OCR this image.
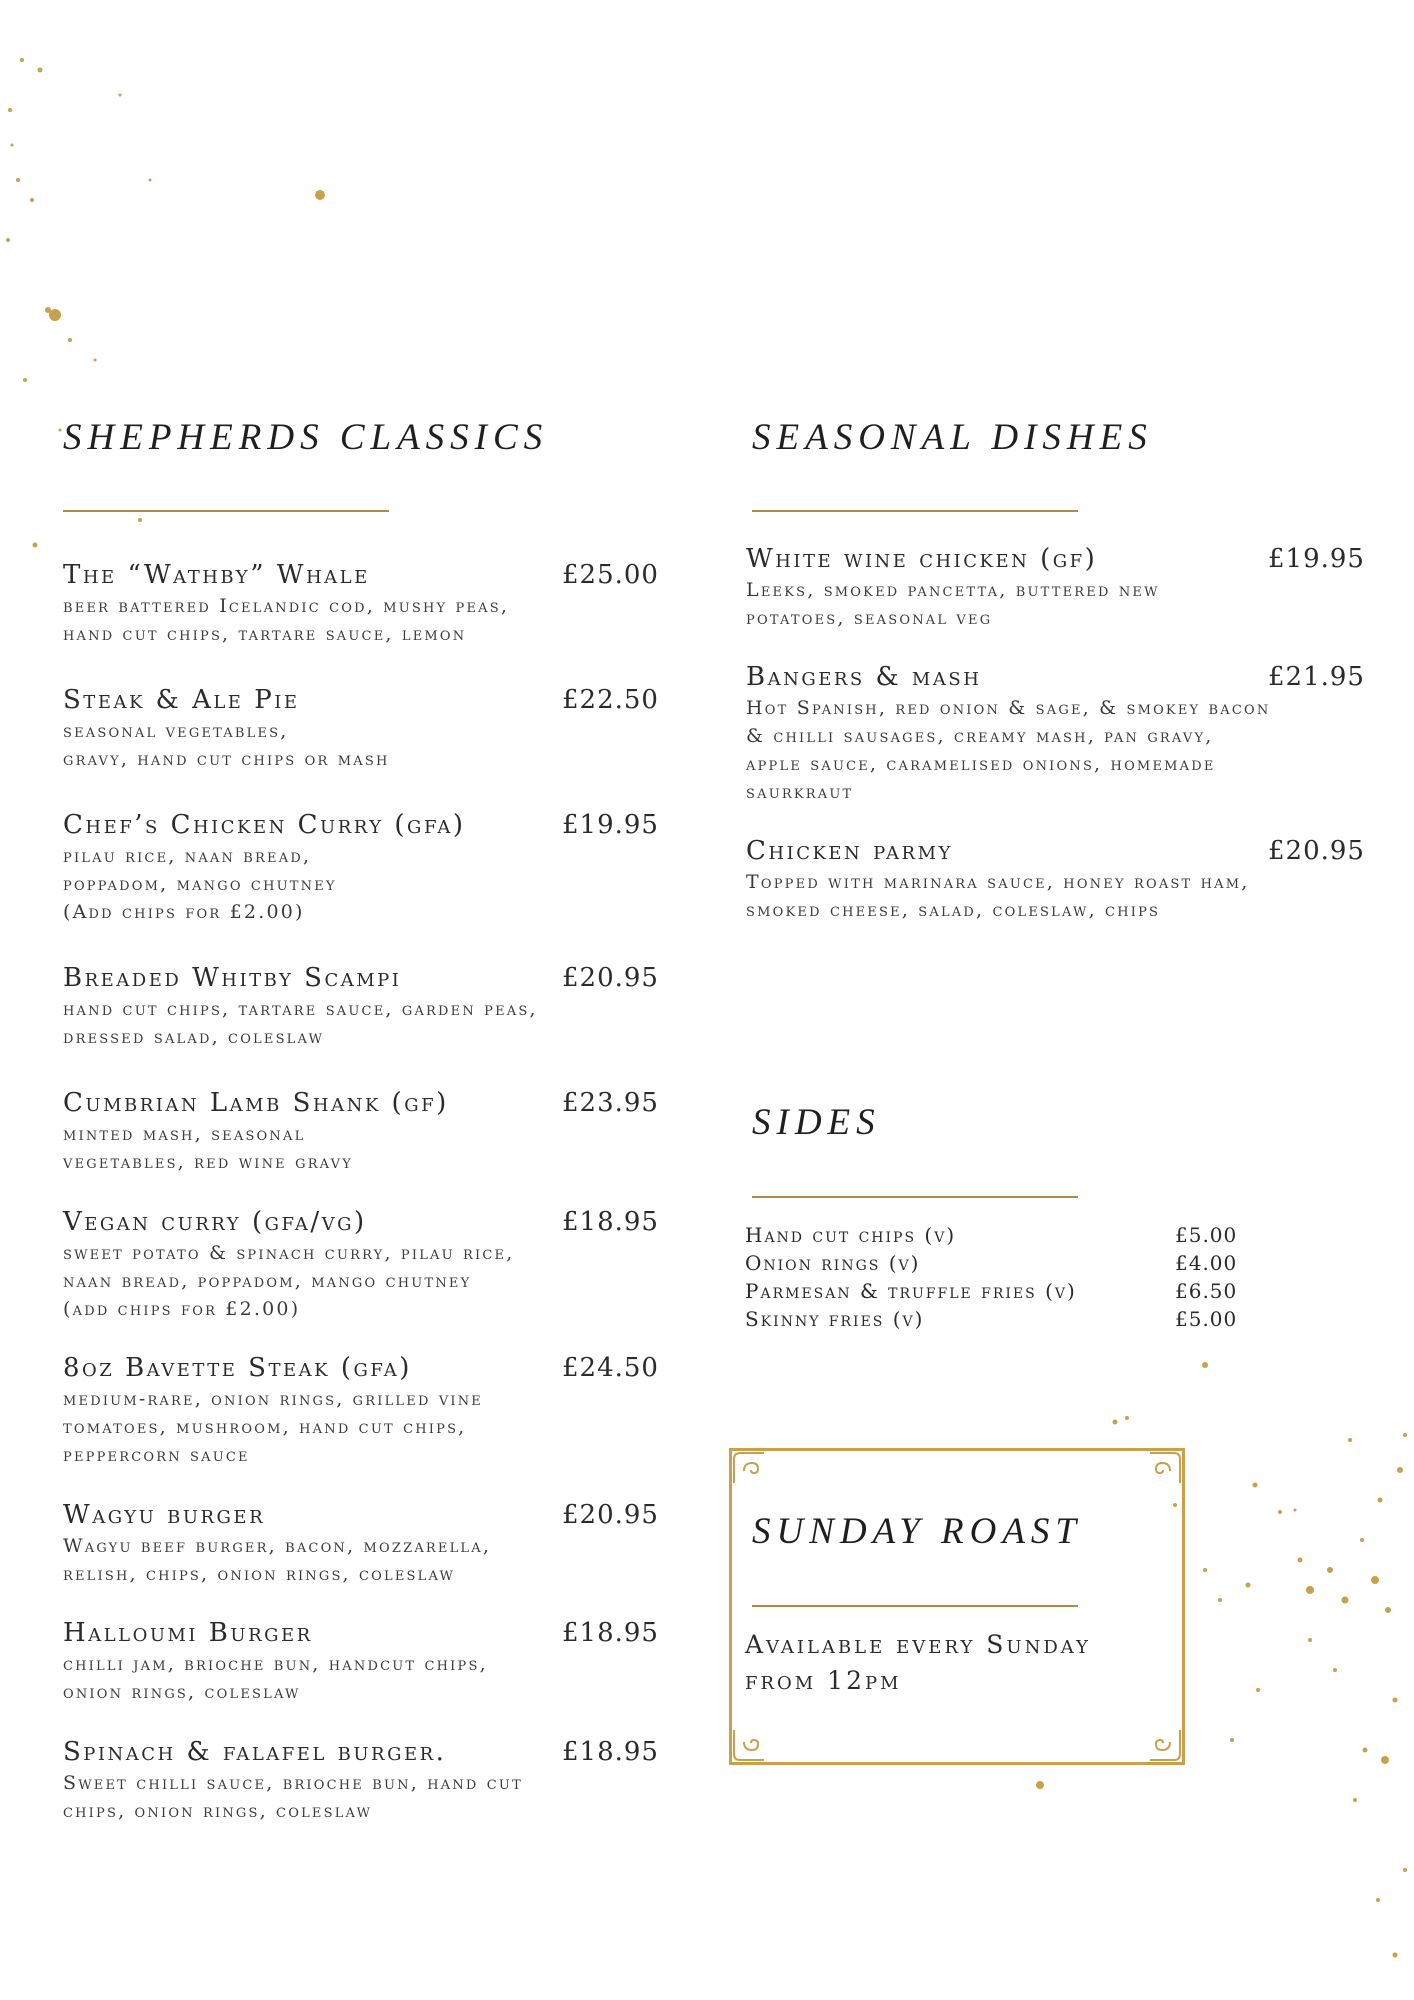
SHEPHERDS CLASSICS
The “Wathby” Whale	£25.00
beer battered Icelandic cod, mushy peas,
hand cut chips, tartare sauce, lemon
Steak & Ale Pie	£22.50
seasonal vegetables,
gravy, hand cut chips or mash
Chef’s Chicken Curry (gfa)	£19.95
pilau rice, naan bread,
poppadom, mango chutney
(Add chips for £2.00)
Breaded Whitby Scampi	£20.95
hand cut chips, tartare sauce, garden peas,
dressed salad, coleslaw
Cumbrian Lamb Shank (gf)	£23.95
minted mash, seasonal
vegetables, red wine gravy
Vegan curry (gfa/vg)	£18.95
sweet potato & spinach curry, pilau rice,
naan bread, poppadom, mango chutney
(add chips for £2.00)
8oz Bavette Steak (gfa)	£24.50
medium-rare, onion rings, grilled vine
tomatoes, mushroom, hand cut chips,
peppercorn sauce
Wagyu burger	£20.95
Wagyu beef burger, bacon, mozzarella,
relish, chips, onion rings, coleslaw
Halloumi Burger	£18.95
chilli jam, brioche bun, handcut chips,
onion rings, coleslaw
Spinach & falafel burger.	£18.95
Sweet chilli sauce, brioche bun, hand cut
chips, onion rings, coleslaw
SEASONAL DISHES
White wine chicken (gf)	£19.95
Leeks, smoked pancetta, buttered new
potatoes, seasonal veg
Bangers & mash	£21.95
Hot Spanish, red onion & sage, & smokey bacon
& chilli sausages, creamy mash, pan gravy,
apple sauce, caramelised onions, homemade
saurkraut
Chicken parmy	£20.95
Topped with marinara sauce, honey roast ham,
smoked cheese, salad, coleslaw, chips
SIDES
Hand cut chips (v)	£5.00
Onion rings (v)	£4.00
Parmesan & truffle fries (v)	£6.50
Skinny fries (v)	£5.00
SUNDAY ROAST
Available every Sunday
from 12pm
